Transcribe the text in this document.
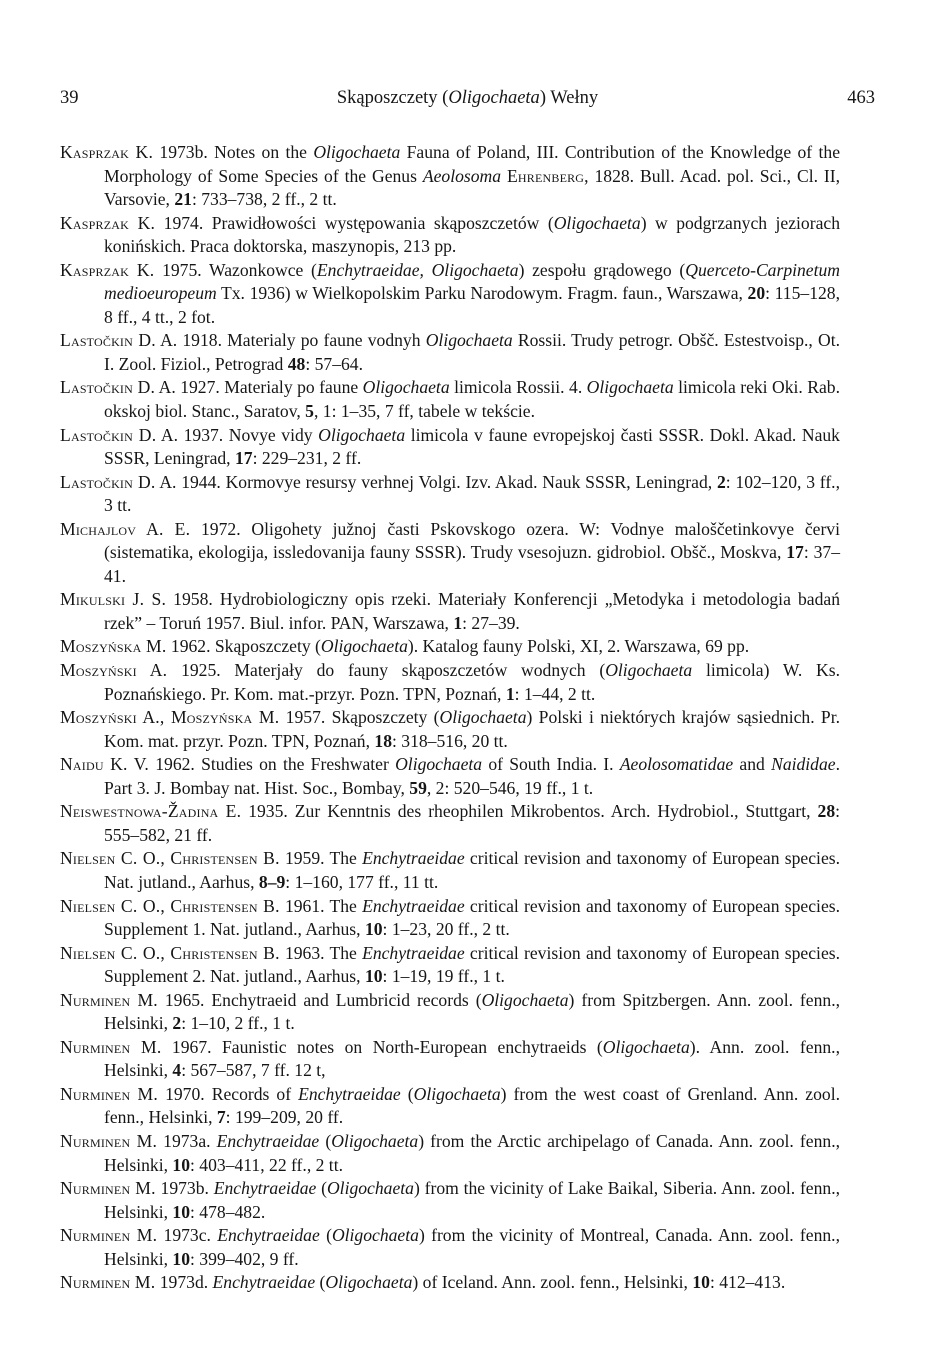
39	Skąposzczety (Oligochaeta) Wełny	463
Kasprzak K. 1973b. Notes on the Oligochaeta Fauna of Poland, III. Contribution of the Knowledge of the Morphology of Some Species of the Genus Aeolosoma Ehrenberg, 1828. Bull. Acad. pol. Sci., Cl. II, Varsovie, 21: 733–738, 2 ff., 2 tt.
Kasprzak K. 1974. Prawidłowości występowania skąposzczetów (Oligochaeta) w podgrzanych jeziorach konińskich. Praca doktorska, maszynopis, 213 pp.
Kasprzak K. 1975. Wazonkowce (Enchytraeidae, Oligochaeta) zespołu grądowego (Querceto-Carpinetum medioeuropeum Tx. 1936) w Wielkopolskim Parku Narodowym. Fragm. faun., Warszawa, 20: 115–128, 8 ff., 4 tt., 2 fot.
Lastočkin D. A. 1918. Materialy po faune vodnyh Oligochaeta Rossii. Trudy petrogr. Obšč. Estestvoisp., Ot. I. Zool. Fiziol., Petrograd 48: 57–64.
Lastočkin D. A. 1927. Materialy po faune Oligochaeta limicola Rossii. 4. Oligochaeta limicola reki Oki. Rab. okskoj biol. Stanc., Saratov, 5, 1: 1–35, 7 ff, tabele w tekście.
Lastočkin D. A. 1937. Novye vidy Oligochaeta limicola v faune evropejskoj časti SSSR. Dokl. Akad. Nauk SSSR, Leningrad, 17: 229–231, 2 ff.
Lastočkin D. A. 1944. Kormovye resursy verhnej Volgi. Izv. Akad. Nauk SSSR, Leningrad, 2: 102–120, 3 ff., 3 tt.
Michajlov A. E. 1972. Oligohety južnoj časti Pskovskogo ozera. W: Vodnye maloščetinkovye červi (sistematika, ekologija, issledovanija fauny SSSR). Trudy vsesojuzn. gidrobiol. Obšč., Moskva, 17: 37–41.
Mikulski J. S. 1958. Hydrobiologiczny opis rzeki. Materiały Konferencji „Metodyka i metodologia badań rzek” – Toruń 1957. Biul. infor. PAN, Warszawa, 1: 27–39.
Moszyńska M. 1962. Skąposzczety (Oligochaeta). Katalog fauny Polski, XI, 2. Warszawa, 69 pp.
Moszyński A. 1925. Materjały do fauny skąposzczetów wodnych (Oligochaeta limicola) W. Ks. Poznańskiego. Pr. Kom. mat.-przyr. Pozn. TPN, Poznań, 1: 1–44, 2 tt.
Moszyński A., Moszyńska M. 1957. Skąposzczety (Oligochaeta) Polski i niektórych krajów sąsiednich. Pr. Kom. mat. przyr. Pozn. TPN, Poznań, 18: 318–516, 20 tt.
Naidu K. V. 1962. Studies on the Freshwater Oligochaeta of South India. I. Aeolosomatidae and Naididae. Part 3. J. Bombay nat. Hist. Soc., Bombay, 59, 2: 520–546, 19 ff., 1 t.
Neiswestnowa-Žadina E. 1935. Zur Kenntnis des rheophilen Mikrobentos. Arch. Hydrobiol., Stuttgart, 28: 555–582, 21 ff.
Nielsen C. O., Christensen B. 1959. The Enchytraeidae critical revision and taxonomy of European species. Nat. jutland., Aarhus, 8–9: 1–160, 177 ff., 11 tt.
Nielsen C. O., Christensen B. 1961. The Enchytraeidae critical revision and taxonomy of European species. Supplement 1. Nat. jutland., Aarhus, 10: 1–23, 20 ff., 2 tt.
Nielsen C. O., Christensen B. 1963. The Enchytraeidae critical revision and taxonomy of European species. Supplement 2. Nat. jutland., Aarhus, 10: 1–19, 19 ff., 1 t.
Nurminen M. 1965. Enchytraeid and Lumbricid records (Oligochaeta) from Spitzbergen. Ann. zool. fenn., Helsinki, 2: 1–10, 2 ff., 1 t.
Nurminen M. 1967. Faunistic notes on North-European enchytraeids (Oligochaeta). Ann. zool. fenn., Helsinki, 4: 567–587, 7 ff. 12 t,
Nurminen M. 1970. Records of Enchytraeidae (Oligochaeta) from the west coast of Grenland. Ann. zool. fenn., Helsinki, 7: 199–209, 20 ff.
Nurminen M. 1973a. Enchytraeidae (Oligochaeta) from the Arctic archipelago of Canada. Ann. zool. fenn., Helsinki, 10: 403–411, 22 ff., 2 tt.
Nurminen M. 1973b. Enchytraeidae (Oligochaeta) from the vicinity of Lake Baikal, Siberia. Ann. zool. fenn., Helsinki, 10: 478–482.
Nurminen M. 1973c. Enchytraeidae (Oligochaeta) from the vicinity of Montreal, Canada. Ann. zool. fenn., Helsinki, 10: 399–402, 9 ff.
Nurminen M. 1973d. Enchytraeidae (Oligochaeta) of Iceland. Ann. zool. fenn., Helsinki, 10: 412–413.
